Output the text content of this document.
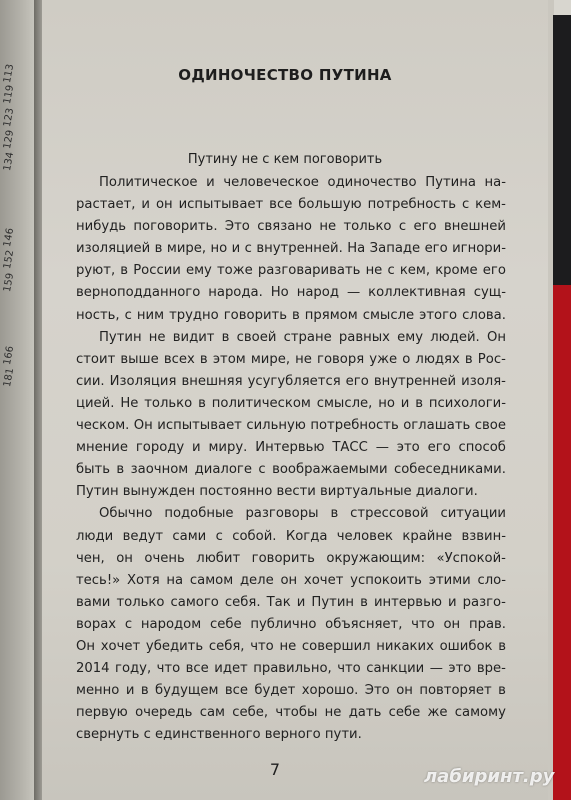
113
119
123
129
134
146
152
159
166
181
ОДИНОЧЕСТВО ПУТИНА
Путину не с кем поговорить
Политическое и человеческое одиночество Путина на-
растает, и он испытывает все большую потребность с кем-
нибудь поговорить. Это связано не только с его внешней
изоляцией в мире, но и с внутренней. На Западе его игнори-
руют, в России ему тоже разговаривать не с кем, кроме его
верноподданного народа. Но народ — коллективная сущ-
ность, с ним трудно говорить в прямом смысле этого слова.
Путин не видит в своей стране равных ему людей. Он
стоит выше всех в этом мире, не говоря уже о людях в Рос-
сии. Изоляция внешняя усугубляется его внутренней изоля-
цией. Не только в политическом смысле, но и в психологи-
ческом. Он испытывает сильную потребность оглашать свое
мнение городу и миру. Интервью ТАСС — это его способ
быть в заочном диалоге с воображаемыми собеседниками.
Путин вынужден постоянно вести виртуальные диалоги.
Обычно подобные разговоры в стрессовой ситуации
люди ведут сами с собой. Когда человек крайне взвин-
чен, он очень любит говорить окружающим: «Успокой-
тесь!» Хотя на самом деле он хочет успокоить этими сло-
вами только самого себя. Так и Путин в интервью и разго-
ворах с народом себе публично объясняет, что он прав.
Он хочет убедить себя, что не совершил никаких ошибок в
2014 году, что все идет правильно, что санкции — это вре-
менно и в будущем все будет хорошо. Это он повторяет в
первую очередь сам себе, чтобы не дать себе же самому
свернуть с единственного верного пути.
7	лабиринт.ру
